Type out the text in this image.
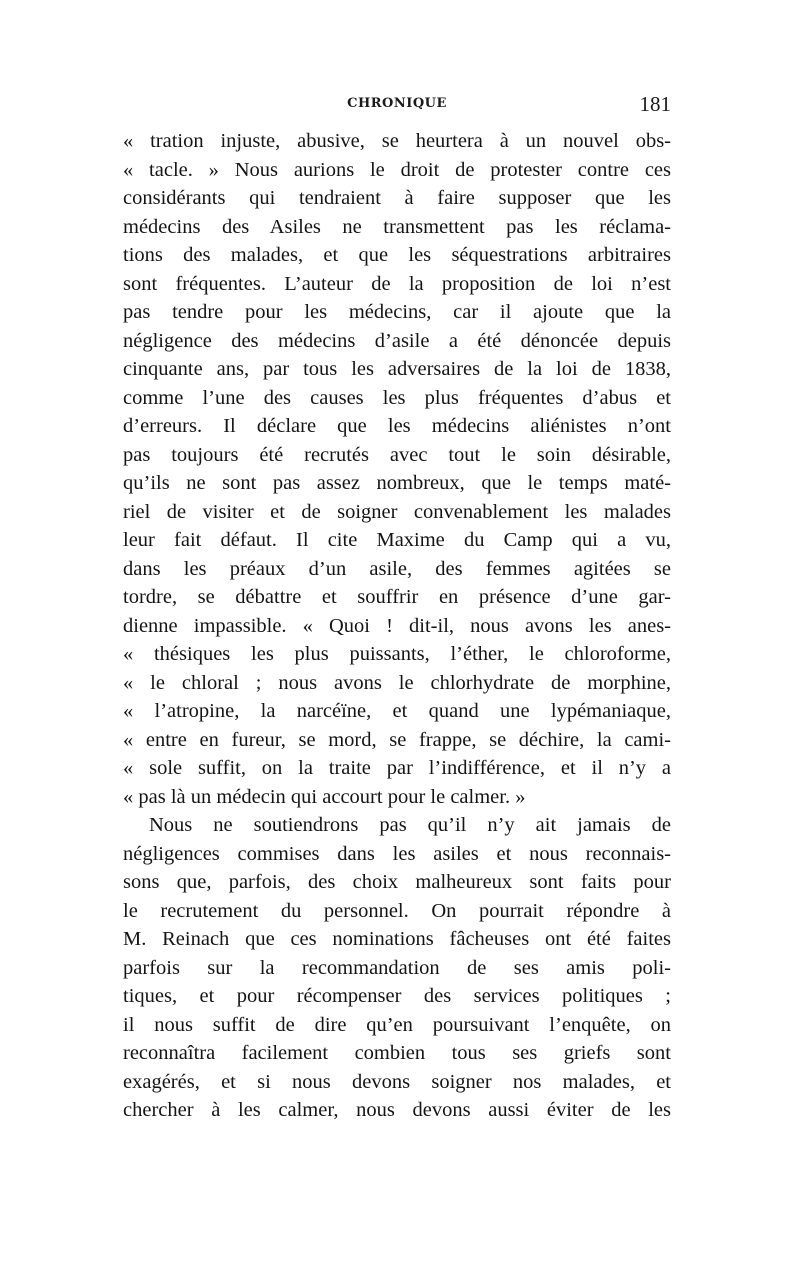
CHRONIQUE	181
« tration injuste, abusive, se heurtera à un nouvel obs-
« tacle. » Nous aurions le droit de protester contre ces
considérants qui tendraient à faire supposer que les
médecins des Asiles ne transmettent pas les réclama-
tions des malades, et que les séquestrations arbitraires
sont fréquentes. L’auteur de la proposition de loi n’est
pas tendre pour les médecins, car il ajoute que la
négligence des médecins d’asile a été dénoncée depuis
cinquante ans, par tous les adversaires de la loi de 1838,
comme l’une des causes les plus fréquentes d’abus et
d’erreurs. Il déclare que les médecins aliénistes n’ont
pas toujours été recrutés avec tout le soin désirable,
qu’ils ne sont pas assez nombreux, que le temps maté-
riel de visiter et de soigner convenablement les malades
leur fait défaut. Il cite Maxime du Camp qui a vu,
dans les préaux d’un asile, des femmes agitées se
tordre, se débattre et souffrir en présence d’une gar-
dienne impassible. « Quoi ! dit-il, nous avons les anes-
« thésiques les plus puissants, l’éther, le chloroforme,
« le chloral ; nous avons le chlorhydrate de morphine,
« l’atropine, la narcéïne, et quand une lypémaniaque,
« entre en fureur, se mord, se frappe, se déchire, la cami-
« sole suffit, on la traite par l’indifférence, et il n’y a
« pas là un médecin qui accourt pour le calmer. »
Nous ne soutiendrons pas qu’il n’y ait jamais de
négligences commises dans les asiles et nous reconnais-
sons que, parfois, des choix malheureux sont faits pour
le recrutement du personnel. On pourrait répondre à
M. Reinach que ces nominations fâcheuses ont été faites
parfois sur la recommandation de ses amis poli-
tiques, et pour récompenser des services politiques ;
il nous suffit de dire qu’en poursuivant l’enquête, on
reconnaîtra facilement combien tous ses griefs sont
exagérés, et si nous devons soigner nos malades, et
chercher à les calmer, nous devons aussi éviter de les
